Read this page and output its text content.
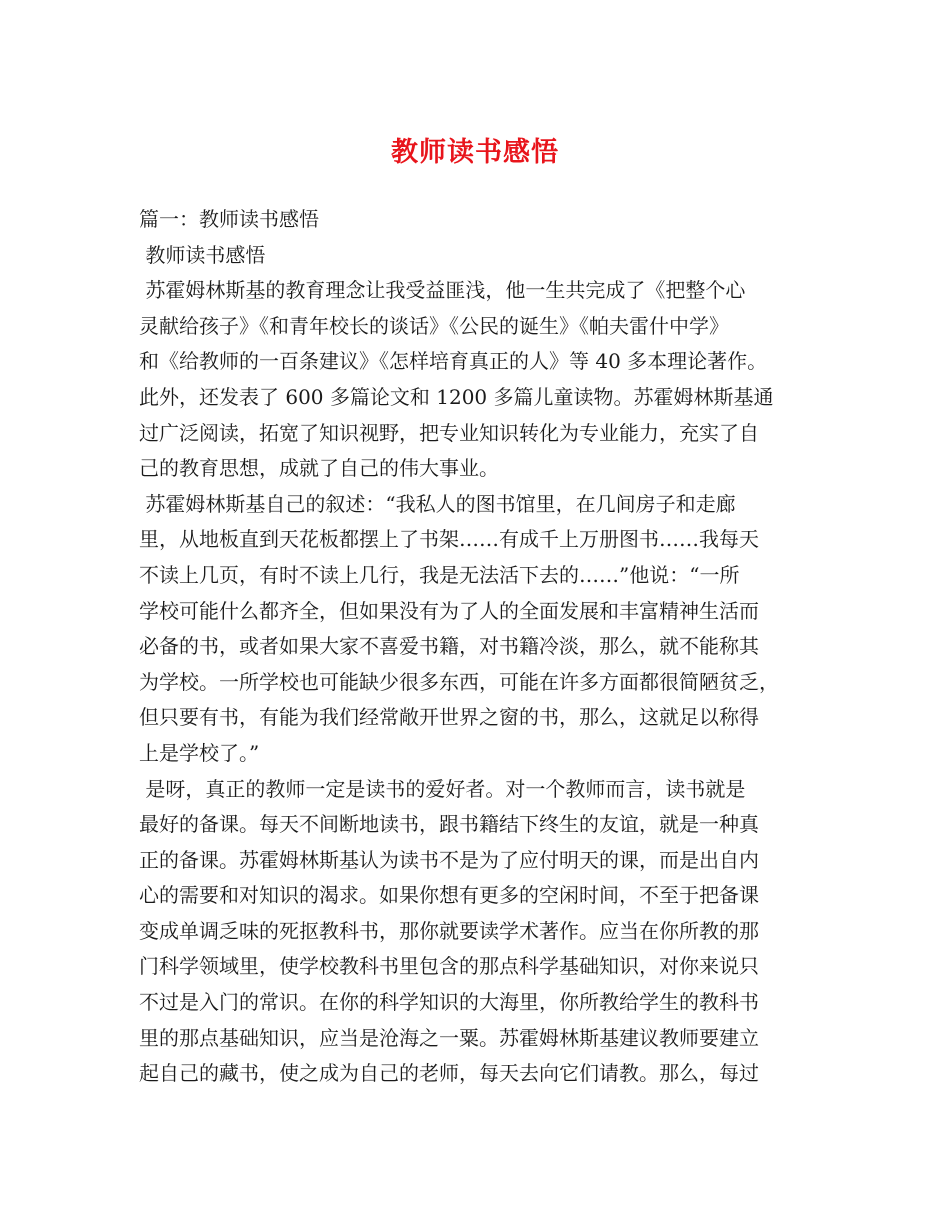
教师读书感悟
篇一：教师读书感悟
教师读书感悟
苏霍姆林斯基的教育理念让我受益匪浅，他一生共完成了《把整个心
灵献给孩子》《和青年校长的谈话》《公民的诞生》《帕夫雷什中学》
和《给教师的一百条建议》《怎样培育真正的人》等 40 多本理论著作。
此外，还发表了 600 多篇论文和 1200 多篇儿童读物。苏霍姆林斯基通
过广泛阅读，拓宽了知识视野，把专业知识转化为专业能力，充实了自
己的教育思想，成就了自己的伟大事业。
苏霍姆林斯基自己的叙述：“我私人的图书馆里，在几间房子和走廊
里，从地板直到天花板都摆上了书架……有成千上万册图书……我每天
不读上几页，有时不读上几行，我是无法活下去的……”他说：“一所
学校可能什么都齐全，但如果没有为了人的全面发展和丰富精神生活而
必备的书，或者如果大家不喜爱书籍，对书籍冷淡，那么，就不能称其
为学校。一所学校也可能缺少很多东西，可能在许多方面都很简陋贫乏，
但只要有书，有能为我们经常敞开世界之窗的书，那么，这就足以称得
上是学校了。”
是呀，真正的教师一定是读书的爱好者。对一个教师而言，读书就是
最好的备课。每天不间断地读书，跟书籍结下终生的友谊，就是一种真
正的备课。苏霍姆林斯基认为读书不是为了应付明天的课，而是出自内
心的需要和对知识的渴求。如果你想有更多的空闲时间，不至于把备课
变成单调乏味的死抠教科书，那你就要读学术著作。应当在你所教的那
门科学领域里，使学校教科书里包含的那点科学基础知识，对你来说只
不过是入门的常识。在你的科学知识的大海里，你所教给学生的教科书
里的那点基础知识，应当是沧海之一粟。苏霍姆林斯基建议教师要建立
起自己的藏书，使之成为自己的老师，每天去向它们请教。那么，每过
